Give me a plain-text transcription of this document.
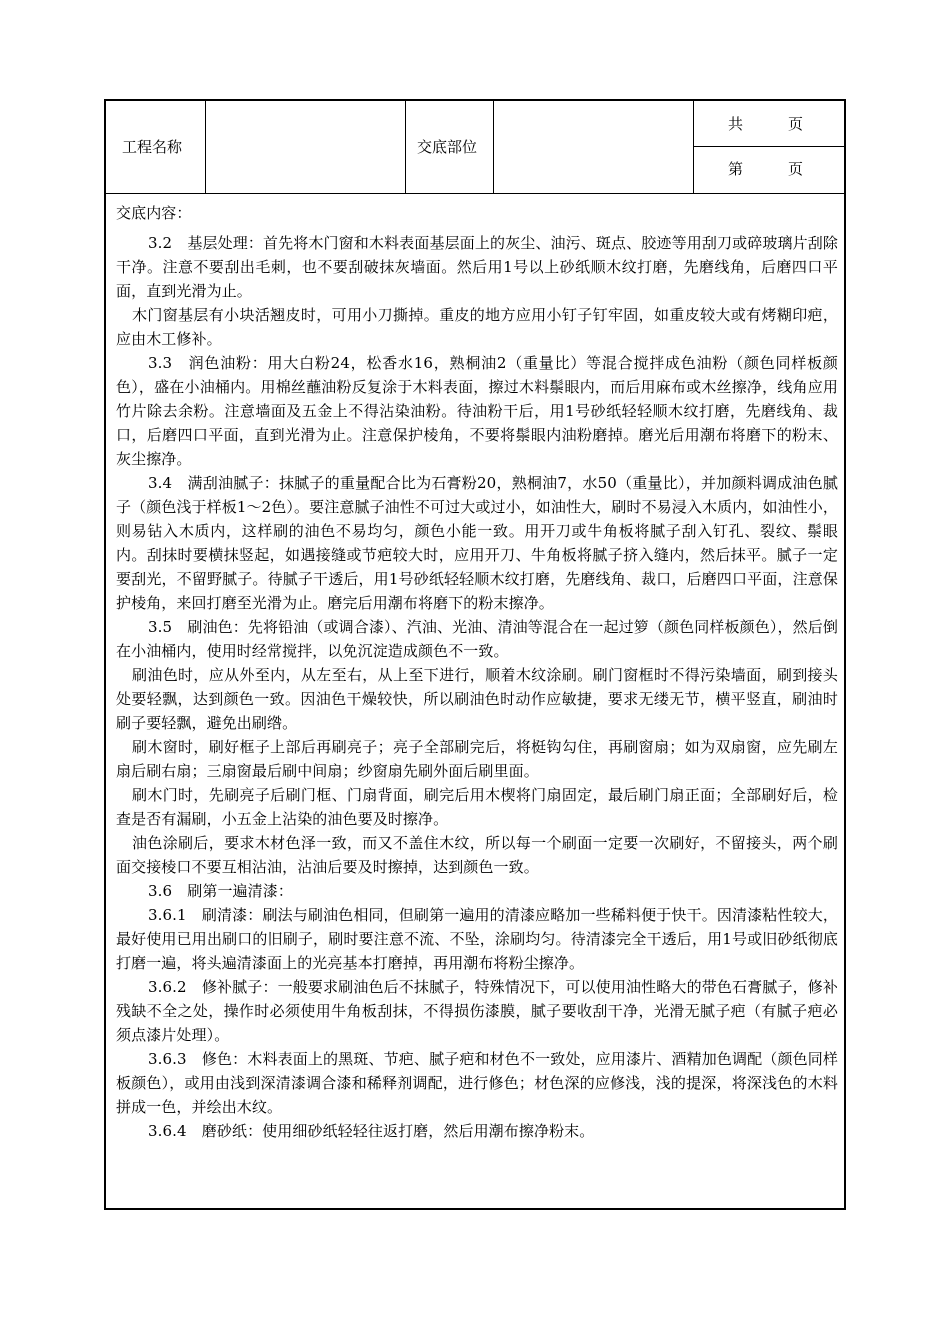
工程名称	交底部位
共　　　页
第　　　页

交底内容：

3.2　基层处理：首先将木门窗和木料表面基层面上的灰尘、油污、斑点、胶迹等用刮刀或碎玻璃片刮除干净。注意不要刮出毛刺，也不要刮破抹灰墙面。然后用1号以上砂纸顺木纹打磨，先磨线角，后磨四口平面，直到光滑为止。

木门窗基层有小块活翘皮时，可用小刀撕掉。重皮的地方应用小钉子钉牢固，如重皮较大或有烤糊印疤，应由木工修补。

3.3　润色油粉：用大白粉24，松香水16，熟桐油2（重量比）等混合搅拌成色油粉（颜色同样板颜色），盛在小油桶内。用棉丝蘸油粉反复涂于木料表面，擦过木料鬃眼内，而后用麻布或木丝擦净，线角应用竹片除去余粉。注意墙面及五金上不得沾染油粉。待油粉干后，用1号砂纸轻轻顺木纹打磨，先磨线角、裁口，后磨四口平面，直到光滑为止。注意保护棱角，不要将鬃眼内油粉磨掉。磨光后用潮布将磨下的粉末、灰尘擦净。

3.4　满刮油腻子：抹腻子的重量配合比为石膏粉20，熟桐油7，水50（重量比），并加颜料调成油色腻子（颜色浅于样板1～2色）。要注意腻子油性不可过大或过小，如油性大，刷时不易浸入木质内，如油性小，则易钻入木质内，这样刷的油色不易均匀，颜色小能一致。用开刀或牛角板将腻子刮入钉孔、裂纹、鬃眼内。刮抹时要横抹竖起，如遇接缝或节疤较大时，应用开刀、牛角板将腻子挤入缝内，然后抹平。腻子一定要刮光，不留野腻子。待腻子干透后，用1号砂纸轻轻顺木纹打磨，先磨线角、裁口，后磨四口平面，注意保护棱角，来回打磨至光滑为止。磨完后用潮布将磨下的粉末擦净。

3.5　刷油色：先将铅油（或调合漆）、汽油、光油、清油等混合在一起过箩（颜色同样板颜色），然后倒在小油桶内，使用时经常搅拌，以免沉淀造成颜色不一致。

刷油色时，应从外至内，从左至右，从上至下进行，顺着木纹涂刷。刷门窗框时不得污染墙面，刷到接头处要轻飘，达到颜色一致。因油色干燥较快，所以刷油色时动作应敏捷，要求无缕无节，横平竖直，刷油时刷子要轻飘，避免出刷绺。

刷木窗时，刷好框子上部后再刷亮子；亮子全部刷完后，将梃钩勾住，再刷窗扇；如为双扇窗，应先刷左扇后刷右扇；三扇窗最后刷中间扇；纱窗扇先刷外面后刷里面。

刷木门时，先刷亮子后刷门框、门扇背面，刷完后用木楔将门扇固定，最后刷门扇正面；全部刷好后，检查是否有漏刷，小五金上沾染的油色要及时擦净。

油色涂刷后，要求木材色泽一致，而又不盖住木纹，所以每一个刷面一定要一次刷好，不留接头，两个刷面交接棱口不要互相沾油，沾油后要及时擦掉，达到颜色一致。

3.6　刷第一遍清漆：

3.6.1　刷清漆：刷法与刷油色相同，但刷第一遍用的清漆应略加一些稀料便于快干。因清漆粘性较大，最好使用已用出刷口的旧刷子，刷时要注意不流、不坠，涂刷均匀。待清漆完全干透后，用1号或旧砂纸彻底打磨一遍，将头遍清漆面上的光亮基本打磨掉，再用潮布将粉尘擦净。

3.6.2　修补腻子：一般要求刷油色后不抹腻子，特殊情况下，可以使用油性略大的带色石膏腻子，修补残缺不全之处，操作时必须使用牛角板刮抹，不得损伤漆膜，腻子要收刮干净，光滑无腻子疤（有腻子疤必须点漆片处理）。

3.6.3　修色：木料表面上的黑斑、节疤、腻子疤和材色不一致处，应用漆片、酒精加色调配（颜色同样板颜色），或用由浅到深清漆调合漆和稀释剂调配，进行修色；材色深的应修浅，浅的提深，将深浅色的木料拼成一色，并绘出木纹。

3.6.4　磨砂纸：使用细砂纸轻轻往返打磨，然后用潮布擦净粉末。
